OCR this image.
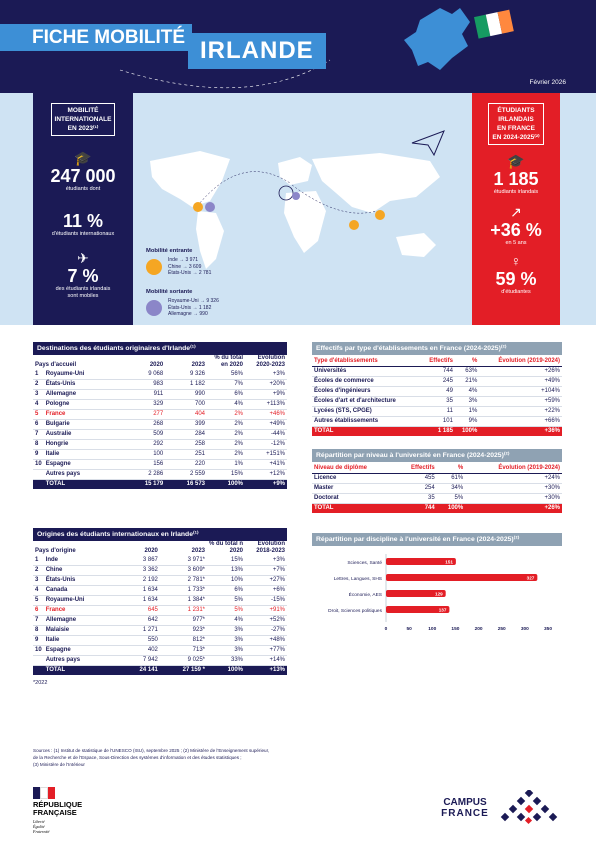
FICHE MOBILITÉ IRLANDE
Février 2026
Mobilité entrante
Inde → 3 971
Chine → 3 609
États-Unis → 2 781
Mobilité sortante
Royaume-Uni → 9 326
États-Unis → 1 182
Allemagne → 990
MOBILITÉ
INTERNATIONALE
EN 2023⁽¹⁾
🎓
247 000
étudiants dont
11 %
d'étudiants internationaux
✈
7 %
des étudiants irlandais
sont mobiles
ÉTUDIANTS
IRLANDAIS
EN FRANCE
EN 2024-2025⁽²⁾
🎓
1 185
étudiants irlandais
↗
+36 %
en 5 ans
♀
59 %
d'étudiantes
Destinations des étudiants originaires d'Irlande⁽¹⁾
Pays d'accueil		2020	2023	% du total en 2020	Évolution 2020-2023
1	Royaume-Uni	9 068	9 326	56%	+3%
2	États-Unis	983	1 182	7%	+20%
3	Allemagne	911	990	6%	+9%
4	Pologne	329	700	4%	+113%
5	France	277	404	2%	+46%
6	Bulgarie	268	399	2%	+49%
7	Australie	509	284	2%	-44%
8	Hongrie	292	258	2%	-12%
9	Italie	100	251	2%	+151%
10	Espagne	156	220	1%	+41%
	Autres pays	2 286	2 559	15%	+12%
	TOTAL	15 179	16 573	100%	+9%
Origines des étudiants internationaux en Irlande⁽¹⁾
Pays d'origine		2020	2023	% du total n 2020	Évolution 2018-2023
1	Inde	3 867	3 971*	15%	+3%
2	Chine	3 362	3 609*	13%	+7%
3	États-Unis	2 192	2 781*	10%	+27%
4	Canada	1 634	1 733*	6%	+6%
5	Royaume-Uni	1 634	1 384*	5%	-15%
6	France	645	1 231*	5%	+91%
7	Allemagne	642	977*	4%	+52%
8	Malaisie	1 271	923*	3%	-27%
9	Italie	550	812*	3%	+48%
10	Espagne	402	713*	3%	+77%
	Autres pays	7 942	9 025*	33%	+14%
	TOTAL	24 141	27 159 *	100%	+13%
*2022
Effectifs par type d'établissements en France (2024-2025)⁽²⁾
Type d'établissements	Effectifs	%	Évolution (2019-2024)
Universités	744	63%	+26%
Écoles de commerce	245	21%	+49%
Écoles d'ingénieurs	49	4%	+104%
Écoles d'art et d'architecture	35	3%	+59%
Lycées (STS, CPGE)	11	1%	+22%
Autres établissements	101	9%	+66%
TOTAL	1 185	100%	+36%
Répartition par niveau à l'université en France (2024-2025)⁽²⁾
Niveau de diplôme	Effectifs	%	Évolution (2019-2024)
Licence	455	61%	+24%
Master	254	34%	+30%
Doctorat	35	5%	+30%
TOTAL	744	100%	+26%
Répartition par discipline à l'université en France (2024-2025)⁽²⁾
Sciences, Santé	151
Lettres, Langues, SHS	327
Économie, AES	129
Droit, Sciences politiques	137
0	50	100	150	200	250	300	350
Sources : (1) Institut de statistique de l'UNESCO (ISU), septembre 2025 ; (2) Ministère de l'Enseignement supérieur,
de la Recherche et de l'Espace, Sous-Direction des systèmes d'information et des études statistiques ;
(3) Ministère de l'Intérieur
RÉPUBLIQUE
FRANÇAISE
Liberté
Égalité
Fraternité
CAMPUS
FRANCE
